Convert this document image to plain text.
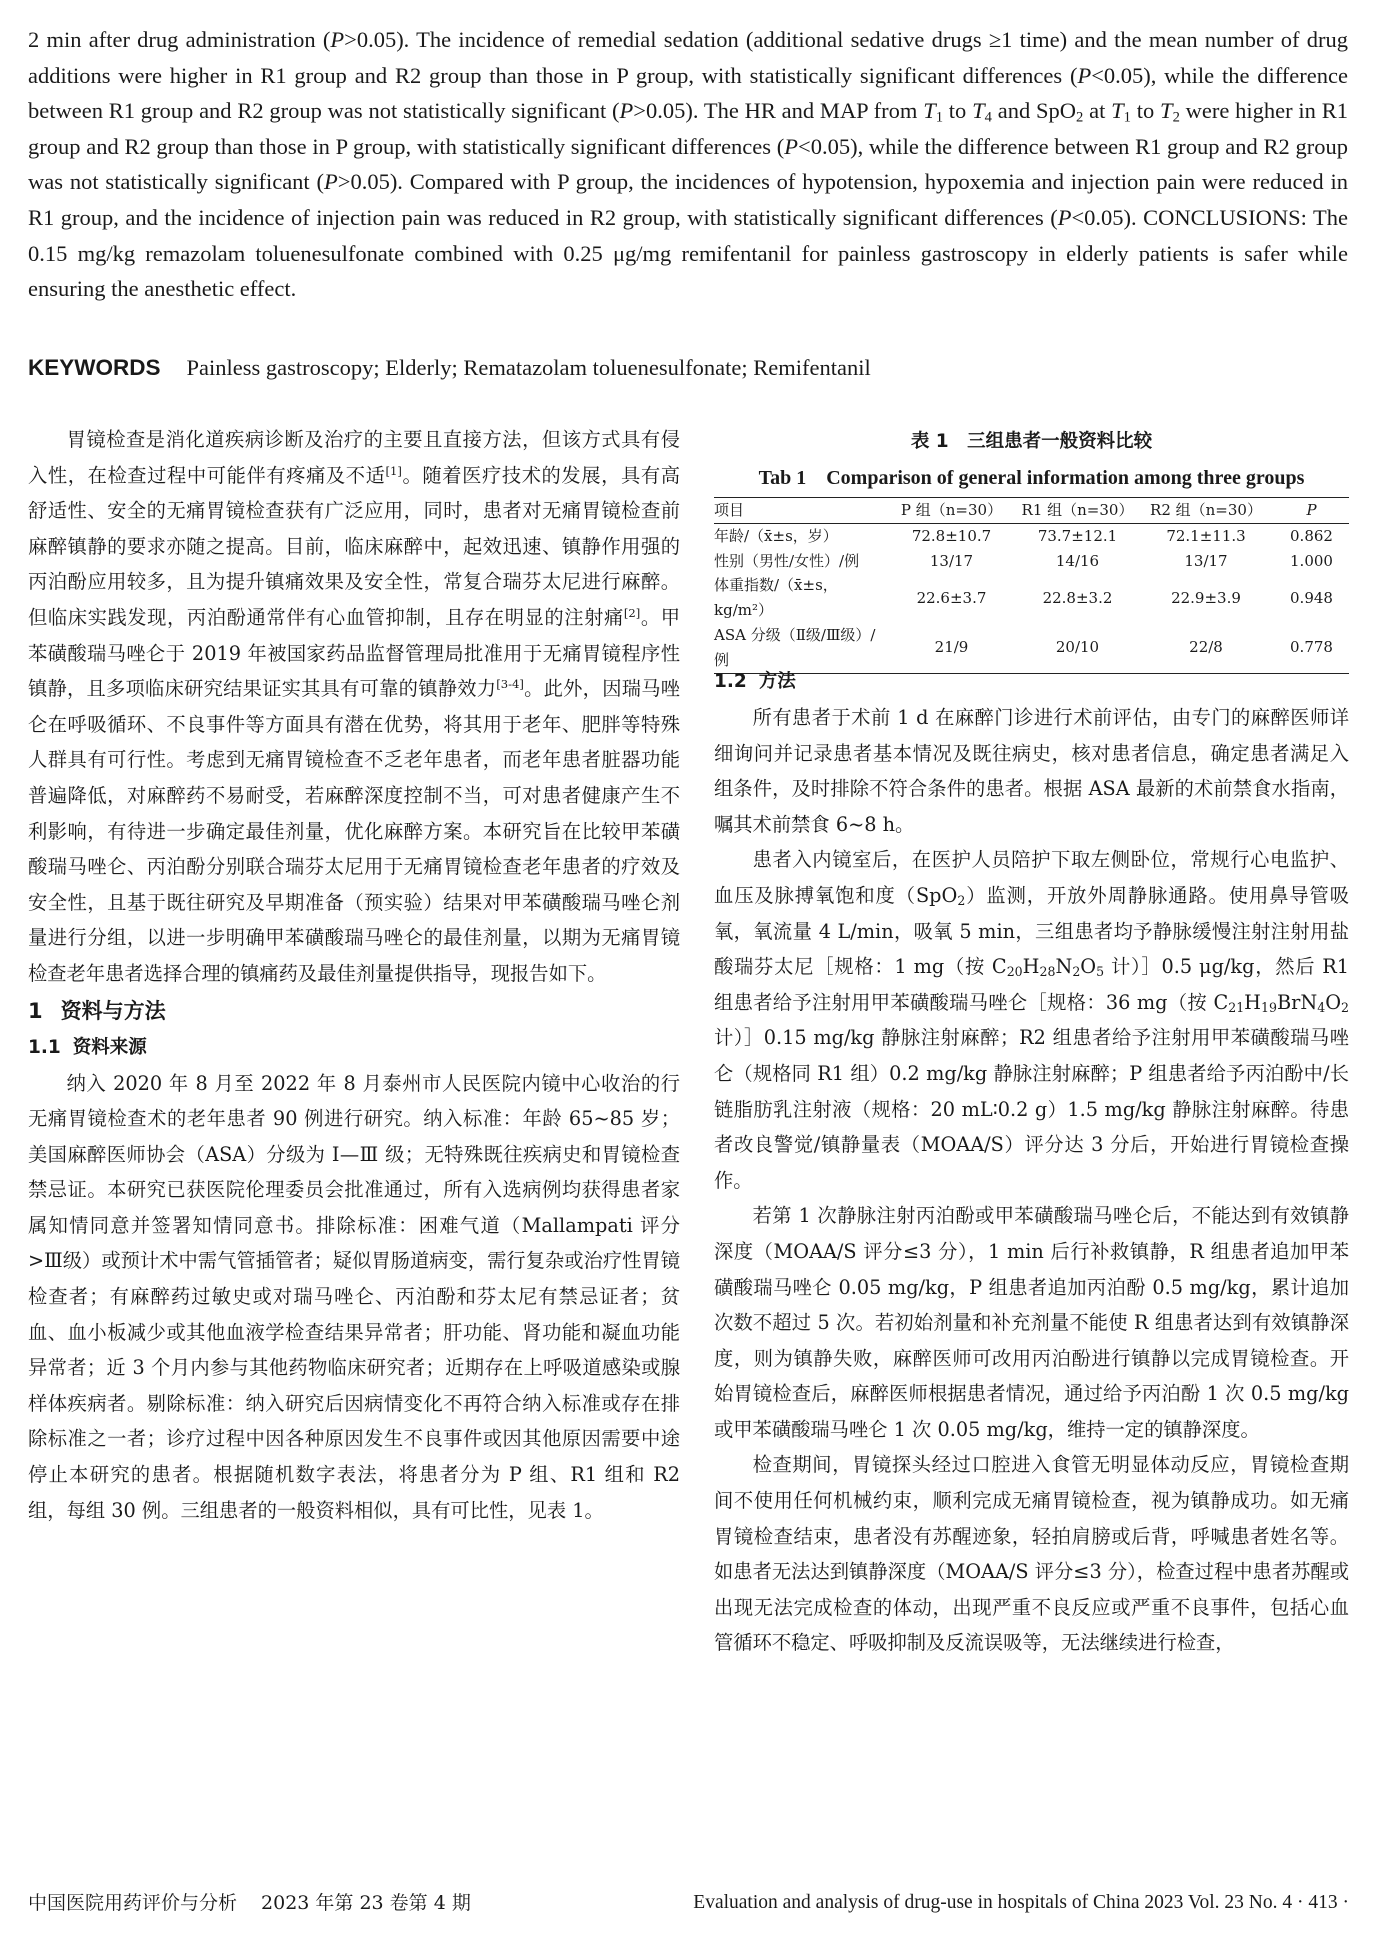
2 min after drug administration (P>0.05). The incidence of remedial sedation (additional sedative drugs ≥1 time) and the mean number of drug additions were higher in R1 group and R2 group than those in P group, with statistically significant differences (P<0.05), while the difference between R1 group and R2 group was not statistically significant (P>0.05). The HR and MAP from $T_1$ to $T_4$ and SpO$_2$ at $T_1$ to $T_2$ were higher in R1 group and R2 group than those in P group, with statistically significant differences (P<0.05), while the difference between R1 group and R2 group was not statistically significant (P>0.05). Compared with P group, the incidences of hypotension, hypoxemia and injection pain were reduced in R1 group, and the incidence of injection pain was reduced in R2 group, with statistically significant differences (P<0.05). CONCLUSIONS: The 0.15 mg/kg remazolam toluenesulfonate combined with 0.25 μg/mg remifentanil for painless gastroscopy in elderly patients is safer while ensuring the anesthetic effect.

KEYWORDS Painless gastroscopy; Elderly; Rematazolam toluenesulfonate; Remifentanil

胃镜检查是消化道疾病诊断及治疗的主要且直接方法，但该方式具有侵入性，在检查过程中可能伴有疼痛及不适[1]。随着医疗技术的发展，具有高舒适性、安全的无痛胃镜检查获有广泛应用，同时，患者对无痛胃镜检查前麻醉镇静的要求亦随之提高。目前，临床麻醉中，起效迅速、镇静作用强的丙泊酚应用较多，且为提升镇痛效果及安全性，常复合瑞芬太尼进行麻醉。但临床实践发现，丙泊酚通常伴有心血管抑制，且存在明显的注射痛[2]。甲苯磺酸瑞马唑仑于 2019 年被国家药品监督管理局批准用于无痛胃镜程序性镇静，且多项临床研究结果证实其具有可靠的镇静效力[3-4]。此外，因瑞马唑仑在呼吸循环、不良事件等方面具有潜在优势，将其用于老年、肥胖等特殊人群具有可行性。考虑到无痛胃镜检查不乏老年患者，而老年患者脏器功能普遍降低，对麻醉药不易耐受，若麻醉深度控制不当，可对患者健康产生不利影响，有待进一步确定最佳剂量，优化麻醉方案。本研究旨在比较甲苯磺酸瑞马唑仑、丙泊酚分别联合瑞芬太尼用于无痛胃镜检查老年患者的疗效及安全性，且基于既往研究及早期准备（预实验）结果对甲苯磺酸瑞马唑仑剂量进行分组，以进一步明确甲苯磺酸瑞马唑仑的最佳剂量，以期为无痛胃镜检查老年患者选择合理的镇痛药及最佳剂量提供指导，现报告如下。

1 资料与方法
1.1 资料来源

纳入 2020 年 8 月至 2022 年 8 月泰州市人民医院内镜中心收治的行无痛胃镜检查术的老年患者 90 例进行研究。纳入标准：年龄 65~85 岁；美国麻醉医师协会（ASA）分级为 Ⅰ—Ⅲ 级；无特殊既往疾病史和胃镜检查禁忌证。本研究已获医院伦理委员会批准通过，所有入选病例均获得患者家属知情同意并签署知情同意书。排除标准：困难气道（Mallampati 评分>Ⅲ级）或预计术中需气管插管者；疑似胃肠道病变，需行复杂或治疗性胃镜检查者；有麻醉药过敏史或对瑞马唑仑、丙泊酚和芬太尼有禁忌证者；贫血、血小板减少或其他血液学检查结果异常者；肝功能、肾功能和凝血功能异常者；近 3 个月内参与其他药物临床研究者；近期存在上呼吸道感染或腺样体疾病者。剔除标准：纳入研究后因病情变化不再符合纳入标准或存在排除标准之一者；诊疗过程中因各种原因发生不良事件或因其他原因需要中途停止本研究的患者。根据随机数字表法，将患者分为 P 组、R1 组和 R2 组，每组 30 例。三组患者的一般资料相似，具有可比性，见表 1。

表 1　三组患者一般资料比较
Tab 1　Comparison of general information among three groups
项目	P 组（n=30）	R1 组（n=30）	R2 组（n=30）	P
年龄/（x̄±s，岁）	72.8±10.7	73.7±12.1	72.1±11.3	0.862
性别（男性/女性）/例	13/17	14/16	13/17	1.000
体重指数/（x̄±s，kg/m²）	22.6±3.7	22.8±3.2	22.9±3.9	0.948
ASA 分级（Ⅱ级/Ⅲ级）/例	21/9	20/10	22/8	0.778
1.2 方法

所有患者于术前 1 d 在麻醉门诊进行术前评估，由专门的麻醉医师详细询问并记录患者基本情况及既往病史，核对患者信息，确定患者满足入组条件，及时排除不符合条件的患者。根据 ASA 最新的术前禁食水指南，嘱其术前禁食 6~8 h。

患者入内镜室后，在医护人员陪护下取左侧卧位，常规行心电监护、血压及脉搏氧饱和度（SpO$_2$）监测，开放外周静脉通路。使用鼻导管吸氧，氧流量 4 L/min，吸氧 5 min，三组患者均予静脉缓慢注射注射用盐酸瑞芬太尼［规格：1 mg（按 $C_{20}H_{28}N_2O_5$ 计）］0.5 μg/kg，然后 R1 组患者给予注射用甲苯磺酸瑞马唑仑［规格：36 mg（按 $C_{21}H_{19}BrN_4O_2$ 计）］0.15 mg/kg 静脉注射麻醉；R2 组患者给予注射用甲苯磺酸瑞马唑仑（规格同 R1 组）0.2 mg/kg 静脉注射麻醉；P 组患者给予丙泊酚中/长链脂肪乳注射液（规格：20 mL∶0.2 g）1.5 mg/kg 静脉注射麻醉。待患者改良警觉/镇静量表（MOAA/S）评分达 3 分后，开始进行胃镜检查操作。

若第 1 次静脉注射丙泊酚或甲苯磺酸瑞马唑仑后，不能达到有效镇静深度（MOAA/S 评分≤3 分），1 min 后行补救镇静，R 组患者追加甲苯磺酸瑞马唑仑 0.05 mg/kg，P 组患者追加丙泊酚 0.5 mg/kg，累计追加次数不超过 5 次。若初始剂量和补充剂量不能使 R 组患者达到有效镇静深度，则为镇静失败，麻醉医师可改用丙泊酚进行镇静以完成胃镜检查。开始胃镜检查后，麻醉医师根据患者情况，通过给予丙泊酚 1 次 0.5 mg/kg 或甲苯磺酸瑞马唑仑 1 次 0.05 mg/kg，维持一定的镇静深度。

检查期间，胃镜探头经过口腔进入食管无明显体动反应，胃镜检查期间不使用任何机械约束，顺利完成无痛胃镜检查，视为镇静成功。如无痛胃镜检查结束，患者没有苏醒迹象，轻拍肩膀或后背，呼喊患者姓名等。如患者无法达到镇静深度（MOAA/S 评分≤3 分），检查过程中患者苏醒或出现无法完成检查的体动，出现严重不良反应或严重不良事件，包括心血管循环不稳定、呼吸抑制及反流误吸等，无法继续进行检查，

中国医院用药评价与分析 2023 年第 23 卷第 4 期	Evaluation and analysis of drug-use in hospitals of China 2023 Vol. 23 No. 4 · 413 ·
